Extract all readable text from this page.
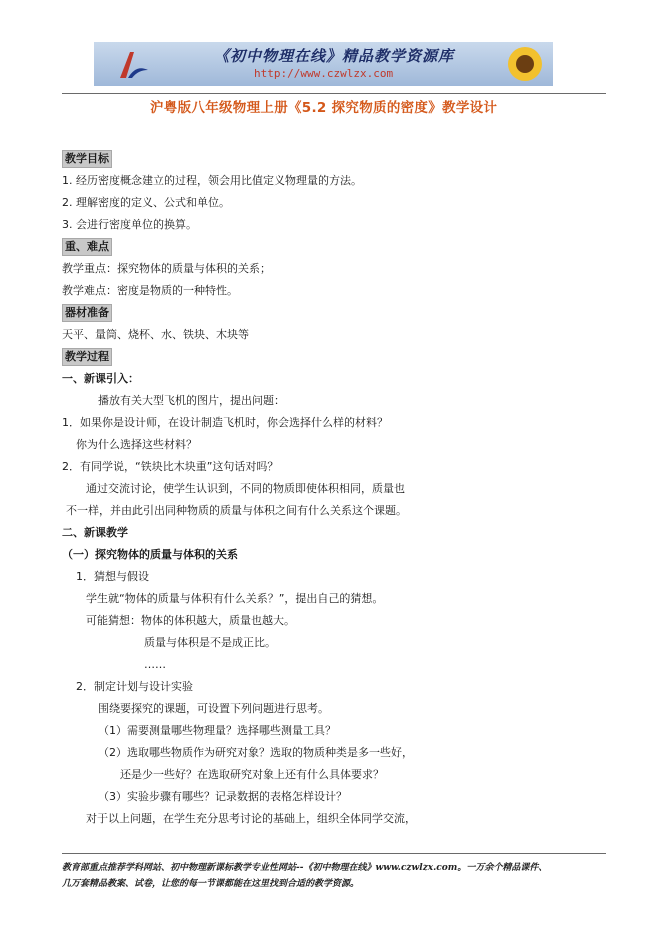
《初中物理在线》精品教学资源库
http://www.czwlzx.com
沪粤版八年级物理上册《5.2 探究物质的密度》教学设计
教学目标
1. 经历密度概念建立的过程，领会用比值定义物理量的方法。
2. 理解密度的定义、公式和单位。
3. 会进行密度单位的换算。
重、难点
教学重点：探究物体的质量与体积的关系；
教学难点：密度是物质的一种特性。
器材准备
天平、量筒、烧杯、水、铁块、木块等
教学过程
一、新课引入：
播放有关大型飞机的图片，提出问题：
1．如果你是设计师，在设计制造飞机时，你会选择什么样的材料？
你为什么选择这些材料？
2．有同学说，“铁块比木块重”这句话对吗？
通过交流讨论，使学生认识到，不同的物质即使体积相同，质量也
不一样，并由此引出同种物质的质量与体积之间有什么关系这个课题。
二、新课教学
（一）探究物体的质量与体积的关系
1．猜想与假设
学生就“物体的质量与体积有什么关系？”，提出自己的猜想。
可能猜想：物体的体积越大，质量也越大。
质量与体积是不是成正比。
……
2．制定计划与设计实验
围绕要探究的课题，可设置下列问题进行思考。
（1）需要测量哪些物理量？选择哪些测量工具？
（2）选取哪些物质作为研究对象？选取的物质种类是多一些好，
还是少一些好？在选取研究对象上还有什么具体要求？
（3）实验步骤有哪些？记录数据的表格怎样设计？
对于以上问题，在学生充分思考讨论的基础上，组织全体同学交流，
教育部重点推荐学科网站、初中物理新课标教学专业性网站--《初中物理在线》www.czwlzx.com。一万余个精品课件、
几万套精品教案、试卷，让您的每一节课都能在这里找到合适的教学资源。
